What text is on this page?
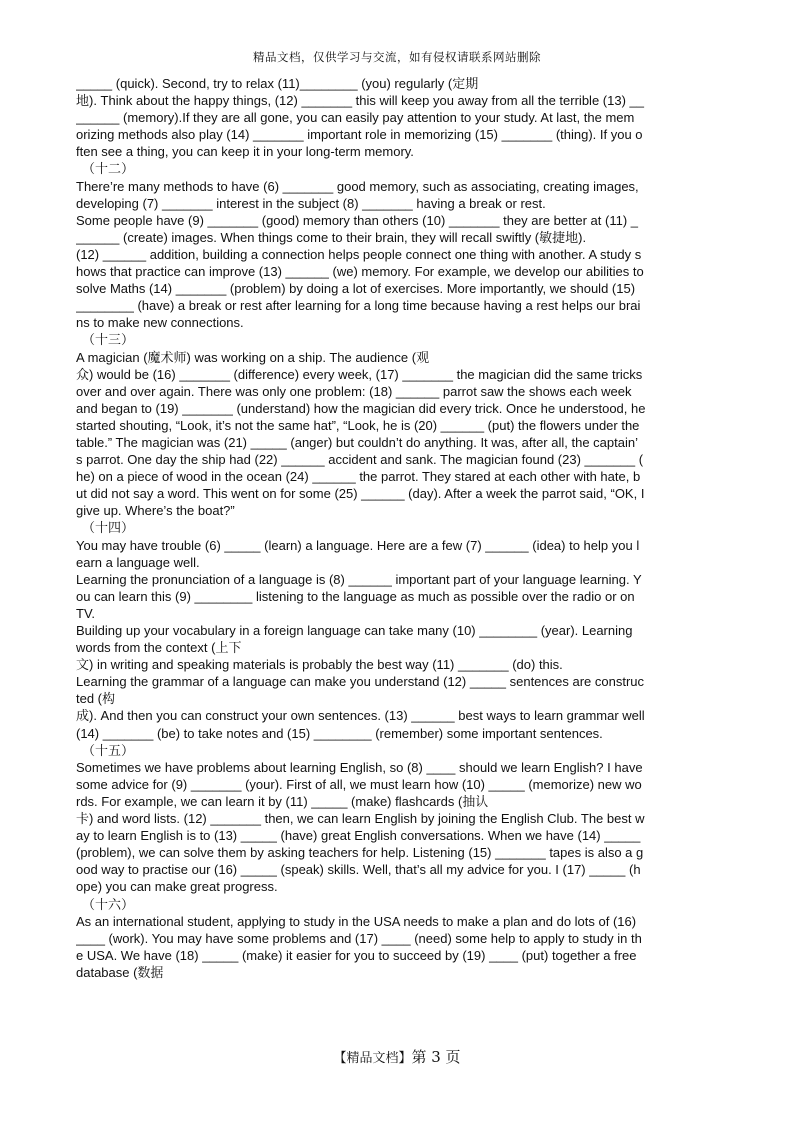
精品文档，仅供学习与交流，如有侵权请联系网站删除
_____ (quick). Second, try to relax (11)________ (you) regularly (定期
地). Think about the happy things, (12) _______ this will keep you away from all the terrible (13) __
______ (memory).If they are all gone, you can easily pay attention to your study. At last, the mem
orizing methods also play (14) _______ important role in memorizing (15) _______ (thing). If you o
ften see a thing, you can keep it in your long-term memory.
（十二）
There’re many methods to have (6) _______ good memory, such as associating, creating images,
developing (7) _______ interest in the subject (8) _______ having a break or rest.
Some people have (9) _______ (good) memory than others (10) _______ they are better at (11) _
______ (create) images. When things come to their brain, they will recall swiftly (敏捷地).
(12) ______ addition, building a connection helps people connect one thing with another. A study s
hows that practice can improve (13) ______ (we) memory. For example, we develop our abilities to
solve Maths (14) _______ (problem) by doing a lot of exercises. More importantly, we should (15)
________ (have) a break or rest after learning for a long time because having a rest helps our brai
ns to make new connections.
（十三）
A magician (魔术师) was working on a ship. The audience (观
众) would be (16) _______ (difference) every week, (17) _______ the magician did the same tricks
over and over again. There was only one problem: (18) ______ parrot saw the shows each week
and began to (19) _______ (understand) how the magician did every trick. Once he understood, he
started shouting, “Look, it’s not the same hat”, “Look, he is (20) ______ (put) the flowers under the
table.” The magician was (21) _____ (anger) but couldn’t do anything. It was, after all, the captain’
s parrot. One day the ship had (22) ______ accident and sank. The magician found (23) _______ (
he) on a piece of wood in the ocean (24) ______ the parrot. They stared at each other with hate, b
ut did not say a word. This went on for some (25) ______ (day). After a week the parrot said, “OK, I
give up. Where’s the boat?”
（十四）
You may have trouble (6) _____ (learn) a language. Here are a few (7) ______ (idea) to help you l
earn a language well.
Learning the pronunciation of a language is (8) ______ important part of your language learning. Y
ou can learn this (9) ________ listening to the language as much as possible over the radio or on
TV.
Building up your vocabulary in a foreign language can take many (10) ________ (year). Learning
words from the context (上下
文) in writing and speaking materials is probably the best way (11) _______ (do) this.
Learning the grammar of a language can make you understand (12) _____ sentences are construc
ted (构
成). And then you can construct your own sentences. (13) ______ best ways to learn grammar well
(14) _______ (be) to take notes and (15) ________ (remember) some important sentences.
（十五）
Sometimes we have problems about learning English, so (8) ____ should we learn English? I have
some advice for (9) _______ (your). First of all, we must learn how (10) _____ (memorize) new wo
rds. For example, we can learn it by (11) _____ (make) flashcards (抽认
卡) and word lists. (12) _______ then, we can learn English by joining the English Club. The best w
ay to learn English is to (13) _____ (have) great English conversations. When we have (14) _____
(problem), we can solve them by asking teachers for help. Listening (15) _______ tapes is also a g
ood way to practise our (16) _____ (speak) skills. Well, that’s all my advice for you. I (17) _____ (h
ope) you can make great progress.
（十六）
As an international student, applying to study in the USA needs to make a plan and do lots of (16)
____ (work). You may have some problems and (17) ____ (need) some help to apply to study in th
e USA. We have (18) _____ (make) it easier for you to succeed by (19) ____ (put) together a free
database (数据
【精品文档】第 3 页
